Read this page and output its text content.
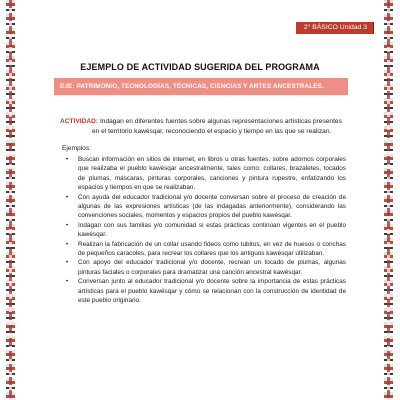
2° BÁSICO Unidad 3
EJEMPLO DE ACTIVIDAD SUGERIDA DEL PROGRAMA
EJE: PATRIMONIO, TECNOLOGÍAS, TÉCNICAS, CIENCIAS Y ARTES ANCESTRALES.
ACTIVIDAD: Indagan en diferentes fuentes sobre algunas representaciones artísticas presentes
en el territorio kawésqar, reconociendo el espacio y tiempo en las que se realizan.
Ejemplos:
• Buscan información en sitios de internet, en libros u otras fuentes, sobre adornos corporales que realizaba el pueblo kawésqar ancestralmente, tales como: collares, brazaletes, tocados de plumas, máscaras, pinturas corporales, canciones y pintura rupestre, enfatizando los espacios y tiempos en que se realizaban.
• Con ayuda del educador tradicional y/o docente conversan sobre el proceso de creación de algunas de las expresiones artísticas (de las indagadas anteriormente), considerando las convenciones sociales, momentos y espacios propios del pueblo kawésqar.
• Indagan con sus familias y/o comunidad si estas prácticas continúan vigentes en el pueblo kawésqar.
• Realizan la fabricación de un collar usando fideos como tubitos, en vez de huesos o conchas de pequeños caracoles, para recrear los collares que los antiguos kawésqar utilizaban.
• Con apoyo del educador tradicional y/o docente, recrean un tocado de plumas, algunas pinturas faciales o corporales para dramatizar una canción ancestral kawésqar.
• Conversan junto al educador tradicional y/o docente sobre la importancia de estas prácticas artísticas para el pueblo kawésqar y cómo se relacionan con la construcción de identidad de este pueblo originario.
